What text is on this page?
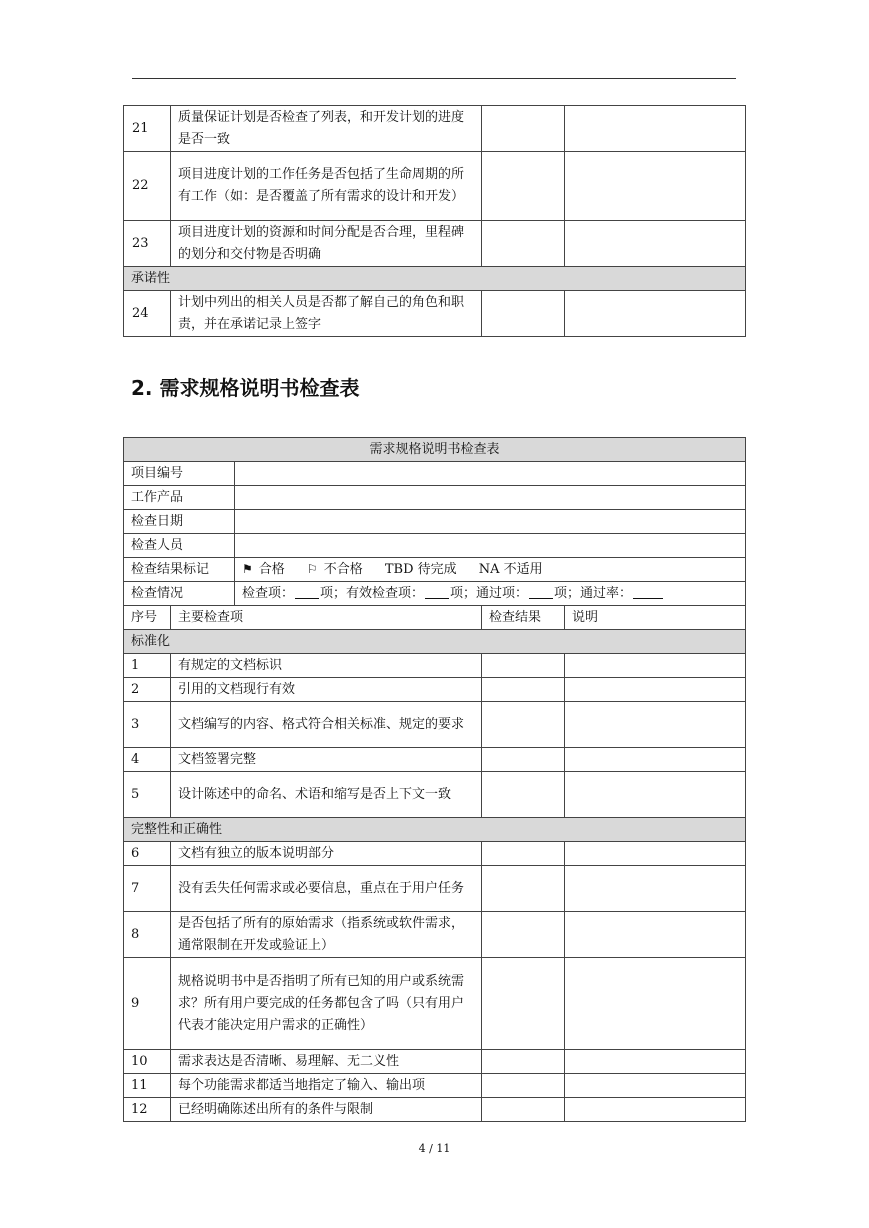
21	质量保证计划是否检查了列表，和开发计划的进度是否一致		
22	项目进度计划的工作任务是否包括了生命周期的所有工作（如：是否覆盖了所有需求的设计和开发）		
23	项目进度计划的资源和时间分配是否合理，里程碑的划分和交付物是否明确		
承诺性			
24	计划中列出的相关人员是否都了解自己的角色和职责，并在承诺记录上签字		
2. 需求规格说明书检查表
需求规格说明书检查表				
项目编号				
工作产品				
检查日期				
检查人员				
检查结果标记		⚑ 合格 ⚐ 不合格 TBD 待完成 NA 不适用		
检查情况		检查项： 项；有效检查项： 项；通过项： 项；通过率：		
序号	主要检查项		检查结果	说明
标准化				
1	有规定的文档标识			
2	引用的文档现行有效			
3	文档编写的内容、格式符合相关标准、规定的要求			
4	文档签署完整			
5	设计陈述中的命名、术语和缩写是否上下文一致			
完整性和正确性				
6	文档有独立的版本说明部分			
7	没有丢失任何需求或必要信息，重点在于用户任务			
8	是否包括了所有的原始需求（指系统或软件需求，通常限制在开发或验证上）			
9	规格说明书中是否指明了所有已知的用户或系统需求？所有用户要完成的任务都包含了吗（只有用户代表才能决定用户需求的正确性）			
10	需求表达是否清晰、易理解、无二义性			
11	每个功能需求都适当地指定了输入、输出项			
12	已经明确陈述出所有的条件与限制			
4 / 11
